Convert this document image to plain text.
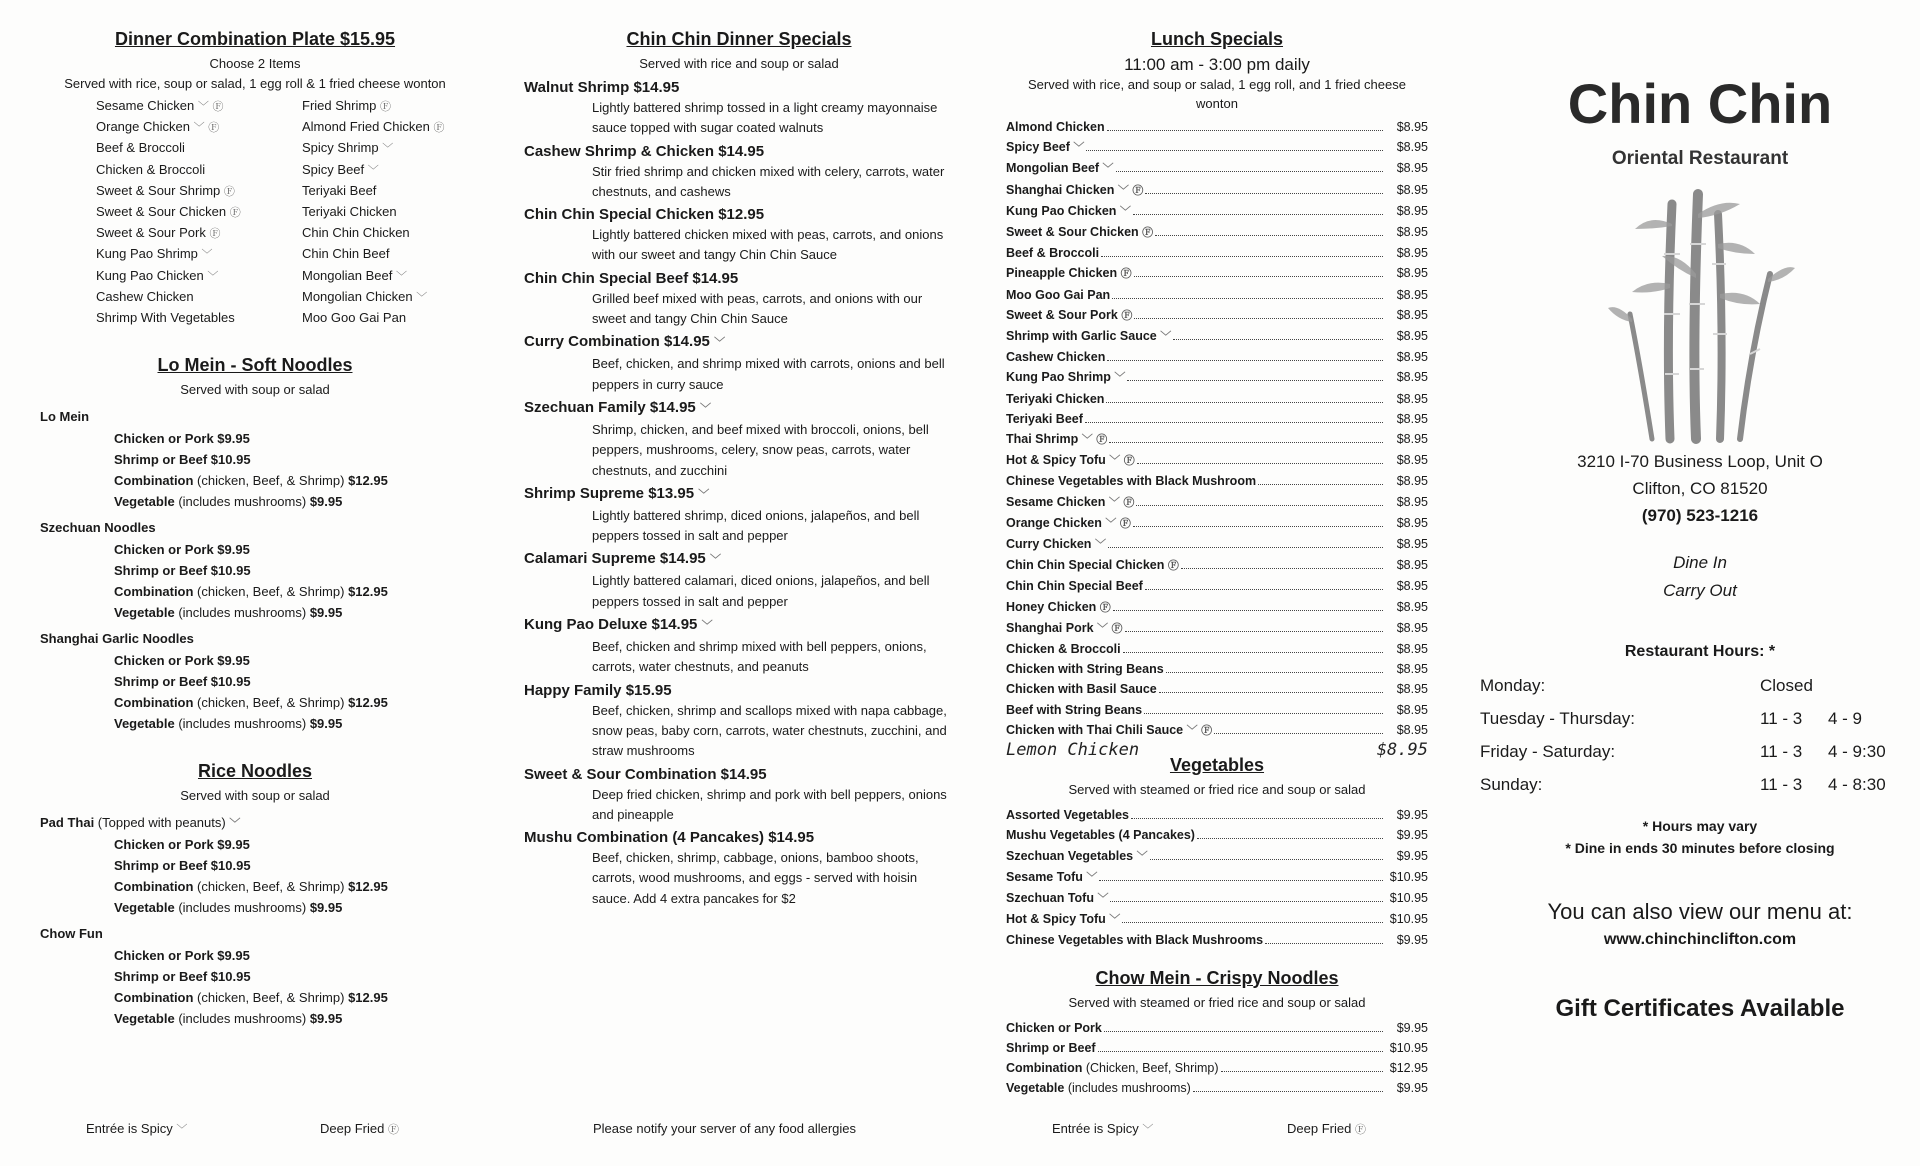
Dinner Combination Plate $15.95
Choose 2 Items
Served with rice, soup or salad, 1 egg roll & 1 fried cheese wonton
Sesame Chicken ﹀ Ⓕ	Fried Shrimp Ⓕ
Orange Chicken ﹀ Ⓕ	Almond Fried Chicken Ⓕ
Beef & Broccoli	Spicy Shrimp ﹀
Chicken & Broccoli	Spicy Beef ﹀
Sweet & Sour Shrimp Ⓕ	Teriyaki Beef
Sweet & Sour Chicken Ⓕ	Teriyaki Chicken
Sweet & Sour Pork Ⓕ	Chin Chin Chicken
Kung Pao Shrimp ﹀	Chin Chin Beef
Kung Pao Chicken ﹀	Mongolian Beef ﹀
Cashew Chicken	Mongolian Chicken ﹀
Shrimp With Vegetables	Moo Goo Gai Pan
Lo Mein - Soft Noodles
Served with soup or salad
Lo Mein
Chicken or Pork $9.95
Shrimp or Beef $10.95
Combination (chicken, Beef, & Shrimp) $12.95
Vegetable (includes mushrooms) $9.95
Szechuan Noodles
Chicken or Pork $9.95
Shrimp or Beef $10.95
Combination (chicken, Beef, & Shrimp) $12.95
Vegetable (includes mushrooms) $9.95
Shanghai Garlic Noodles
Chicken or Pork $9.95
Shrimp or Beef $10.95
Combination (chicken, Beef, & Shrimp) $12.95
Vegetable (includes mushrooms) $9.95
Rice Noodles
Served with soup or salad
Pad Thai (Topped with peanuts) ﹀
Chicken or Pork $9.95
Shrimp or Beef $10.95
Combination (chicken, Beef, & Shrimp) $12.95
Vegetable (includes mushrooms) $9.95
Chow Fun
Chicken or Pork $9.95
Shrimp or Beef $10.95
Combination (chicken, Beef, & Shrimp) $12.95
Vegetable (includes mushrooms) $9.95
Chin Chin Dinner Specials
Served with rice and soup or salad
Walnut Shrimp $14.95
Lightly battered shrimp tossed in a light creamy mayonnaise sauce topped with sugar coated walnuts
Cashew Shrimp & Chicken $14.95
Stir fried shrimp and chicken mixed with celery, carrots, water chestnuts, and cashews
Chin Chin Special Chicken $12.95
Lightly battered chicken mixed with peas, carrots, and onions with our sweet and tangy Chin Chin Sauce
Chin Chin Special Beef $14.95
Grilled beef mixed with peas, carrots, and onions with our sweet and tangy Chin Chin Sauce
Curry Combination $14.95 ﹀
Beef, chicken, and shrimp mixed with carrots, onions and bell peppers in curry sauce
Szechuan Family $14.95 ﹀
Shrimp, chicken, and beef mixed with broccoli, onions, bell peppers, mushrooms, celery, snow peas, carrots, water chestnuts, and zucchini
Shrimp Supreme $13.95 ﹀
Lightly battered shrimp, diced onions, jalapeños, and bell peppers tossed in salt and pepper
Calamari Supreme $14.95 ﹀
Lightly battered calamari, diced onions, jalapeños, and bell peppers tossed in salt and pepper
Kung Pao Deluxe $14.95 ﹀
Beef, chicken and shrimp mixed with bell peppers, onions, carrots, water chestnuts, and peanuts
Happy Family $15.95
Beef, chicken, shrimp and scallops mixed with napa cabbage, snow peas, baby corn, carrots, water chestnuts, zucchini, and straw mushrooms
Sweet & Sour Combination $14.95
Deep fried chicken, shrimp and pork with bell peppers, onions and pineapple
Mushu Combination (4 Pancakes) $14.95
Beef, chicken, shrimp, cabbage, onions, bamboo shoots, carrots, wood mushrooms, and eggs - served with hoisin sauce. Add 4 extra pancakes for $2
Lunch Specials
11:00 am - 3:00 pm daily
Served with rice, and soup or salad, 1 egg roll, and 1 fried cheese wonton
Almond Chicken	$8.95
Spicy Beef ﹀	$8.95
Mongolian Beef ﹀	$8.95
Shanghai Chicken ﹀ Ⓕ	$8.95
Kung Pao Chicken ﹀	$8.95
Sweet & Sour Chicken Ⓕ	$8.95
Beef & Broccoli	$8.95
Pineapple Chicken Ⓕ	$8.95
Moo Goo Gai Pan	$8.95
Sweet & Sour Pork Ⓕ	$8.95
Shrimp with Garlic Sauce ﹀	$8.95
Cashew Chicken	$8.95
Kung Pao Shrimp ﹀	$8.95
Teriyaki Chicken	$8.95
Teriyaki Beef	$8.95
Thai Shrimp ﹀ Ⓕ	$8.95
Hot & Spicy Tofu ﹀ Ⓕ	$8.95
Chinese Vegetables with Black Mushroom	$8.95
Sesame Chicken ﹀ Ⓕ	$8.95
Orange Chicken ﹀ Ⓕ	$8.95
Curry Chicken ﹀	$8.95
Chin Chin Special Chicken Ⓕ	$8.95
Chin Chin Special Beef	$8.95
Honey Chicken Ⓕ	$8.95
Shanghai Pork ﹀ Ⓕ	$8.95
Chicken & Broccoli	$8.95
Chicken with String Beans	$8.95
Chicken with Basil Sauce	$8.95
Beef with String Beans	$8.95
Chicken with Thai Chili Sauce ﹀ Ⓕ	$8.95
Lemon Chicken	$8.95
Vegetables
Served with steamed or fried rice and soup or salad
Assorted Vegetables	$9.95
Mushu Vegetables (4 Pancakes)	$9.95
Szechuan Vegetables ﹀	$9.95
Sesame Tofu ﹀	$10.95
Szechuan Tofu ﹀	$10.95
Hot & Spicy Tofu ﹀	$10.95
Chinese Vegetables with Black Mushrooms	$9.95
Chow Mein - Crispy Noodles
Served with steamed or fried rice and soup or salad
Chicken or Pork	$9.95
Shrimp or Beef	$10.95
Combination (Chicken, Beef, Shrimp)	$12.95
Vegetable (includes mushrooms)	$9.95
Chin Chin
Oriental Restaurant
3210 I-70 Business Loop, Unit O
Clifton, CO 81520
(970) 523-1216
Dine In
Carry Out
Restaurant Hours: *
Monday:	Closed
Tuesday - Thursday:	11 - 3	4 - 9
Friday - Saturday:	11 - 3	4 - 9:30
Sunday:	11 - 3	4 - 8:30
* Hours may vary
* Dine in ends 30 minutes before closing
You can also view our menu at:
www.chinchinclifton.com
Gift Certificates Available
Entrée is Spicy ﹀	Deep Fried Ⓕ	Please notify your server of any food allergies	Entrée is Spicy ﹀	Deep Fried Ⓕ
